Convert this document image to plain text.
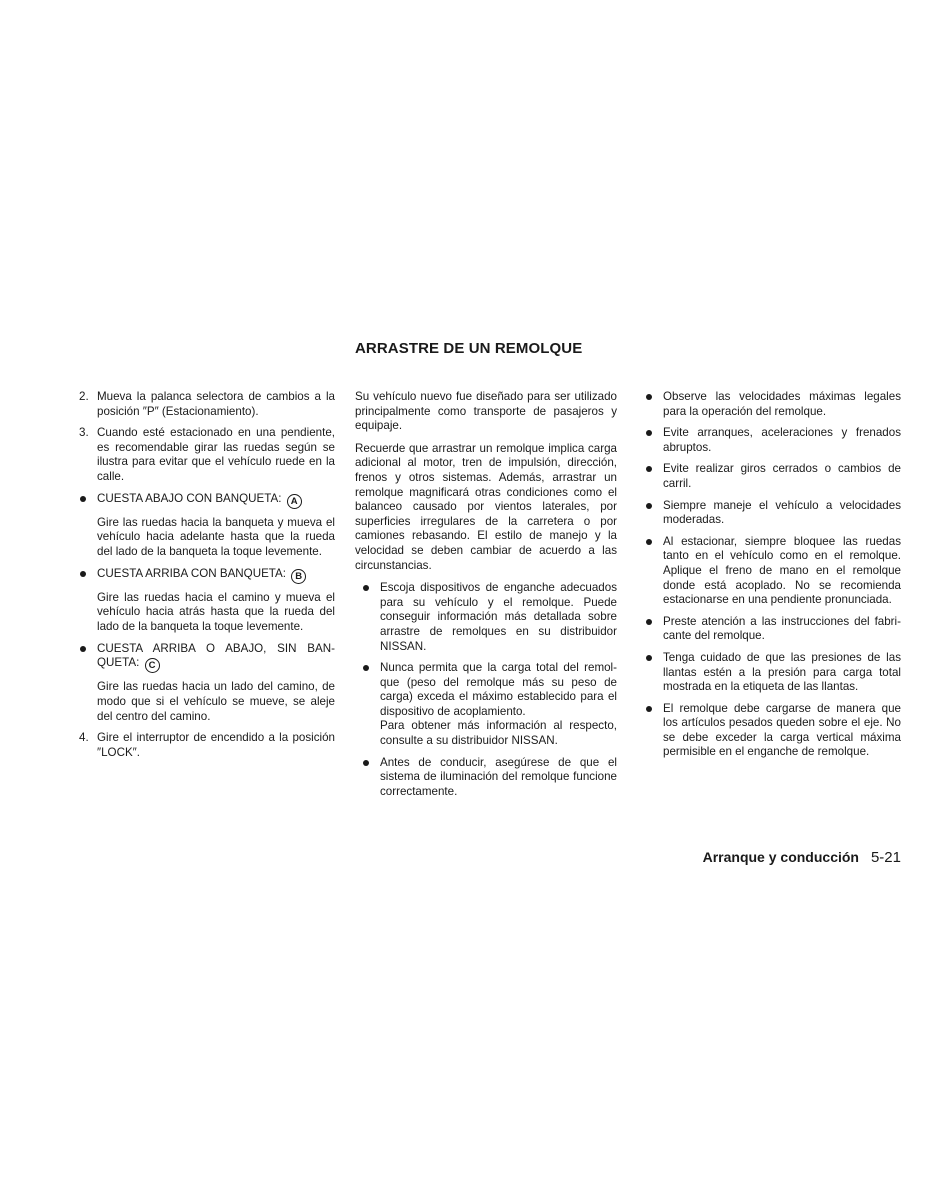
ARRASTRE DE UN REMOLQUE
2. Mueva la palanca selectora de cambios a la posición ″P″ (Estacionamiento).
3. Cuando esté estacionado en una pendiente, es recomendable girar las ruedas según se ilustra para evitar que el vehículo ruede en la calle.
CUESTA ABAJO CON BANQUETA: A

Gire las ruedas hacia la banqueta y mueva el vehículo hacia adelante hasta que la rueda del lado de la banqueta la toque levemente.

CUESTA ARRIBA CON BANQUETA: B

Gire las ruedas hacia el camino y mueva el vehículo hacia atrás hasta que la rueda del lado de la banqueta la toque levemente.

CUESTA ARRIBA O ABAJO, SIN BANQUETA: C

Gire las ruedas hacia un lado del camino, de modo que si el vehículo se mueve, se aleje del centro del camino.

4. Gire el interruptor de encendido a la posición ″LOCK″.

Su vehículo nuevo fue diseñado para ser utilizado principalmente como transporte de pasajeros y equipaje.

Recuerde que arrastrar un remolque implica carga adicional al motor, tren de impulsión, dirección, frenos y otros sistemas. Además, arrastrar un remolque magnificará otras condiciones como el balanceo causado por vientos laterales, por superficies irregulares de la carretera o por camiones rebasando. El estilo de manejo y la velocidad se deben cambiar de acuerdo a las circunstancias.

Escoja dispositivos de enganche adecuados para su vehículo y el remolque. Puede conseguir información más detallada sobre arrastre de remolques en su distribuidor NISSAN.
Nunca permita que la carga total del remolque (peso del remolque más su peso de carga) exceda el máximo establecido para el dispositivo de acoplamiento.
Para obtener más información al respecto, consulte a su distribuidor NISSAN.
Antes de conducir, asegúrese de que el sistema de iluminación del remolque funcione correctamente.
Observe las velocidades máximas legales para la operación del remolque.
Evite arranques, aceleraciones y frenados abruptos.
Evite realizar giros cerrados o cambios de carril.
Siempre maneje el vehículo a velocidades moderadas.
Al estacionar, siempre bloquee las ruedas tanto en el vehículo como en el remolque. Aplique el freno de mano en el remolque donde está acoplado. No se recomienda estacionarse en una pendiente pronunciada.
Preste atención a las instrucciones del fabricante del remolque.
Tenga cuidado de que las presiones de las llantas estén a la presión para carga total mostrada en la etiqueta de las llantas.
El remolque debe cargarse de manera que los artículos pesados queden sobre el eje. No se debe exceder la carga vertical máxima permisible en el enganche de remolque.
Arranque y conducción 5-21
